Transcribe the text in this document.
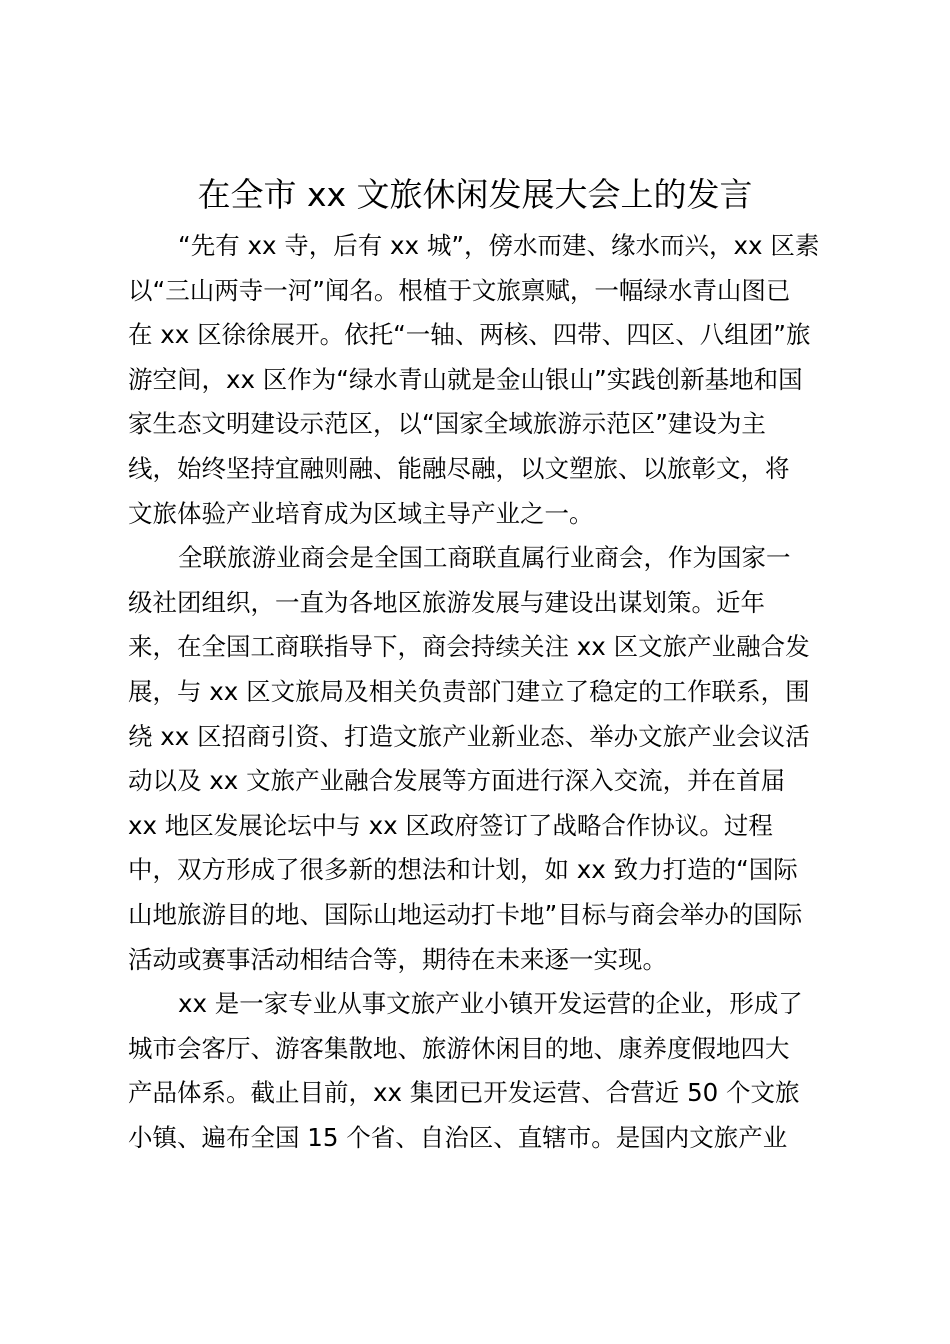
在全市 xx 文旅休闲发展大会上的发言
“先有 xx 寺，后有 xx 城”，傍水而建、缘水而兴，xx 区素
以“三山两寺一河”闻名。根植于文旅禀赋，一幅绿水青山图已
在 xx 区徐徐展开。依托“一轴、两核、四带、四区、八组团”旅
游空间，xx 区作为“绿水青山就是金山银山”实践创新基地和国
家生态文明建设示范区，以“国家全域旅游示范区”建设为主
线，始终坚持宜融则融、能融尽融，以文塑旅、以旅彰文，将
文旅体验产业培育成为区域主导产业之一。
全联旅游业商会是全国工商联直属行业商会，作为国家一
级社团组织，一直为各地区旅游发展与建设出谋划策。近年
来，在全国工商联指导下，商会持续关注 xx 区文旅产业融合发
展，与 xx 区文旅局及相关负责部门建立了稳定的工作联系，围
绕 xx 区招商引资、打造文旅产业新业态、举办文旅产业会议活
动以及 xx 文旅产业融合发展等方面进行深入交流，并在首届
xx 地区发展论坛中与 xx 区政府签订了战略合作协议。过程
中，双方形成了很多新的想法和计划，如 xx 致力打造的“国际
山地旅游目的地、国际山地运动打卡地”目标与商会举办的国际
活动或赛事活动相结合等，期待在未来逐一实现。
xx 是一家专业从事文旅产业小镇开发运营的企业，形成了
城市会客厅、游客集散地、旅游休闲目的地、康养度假地四大
产品体系。截止目前，xx 集团已开发运营、合营近 50 个文旅
小镇、遍布全国 15 个省、自治区、直辖市。是国内文旅产业
